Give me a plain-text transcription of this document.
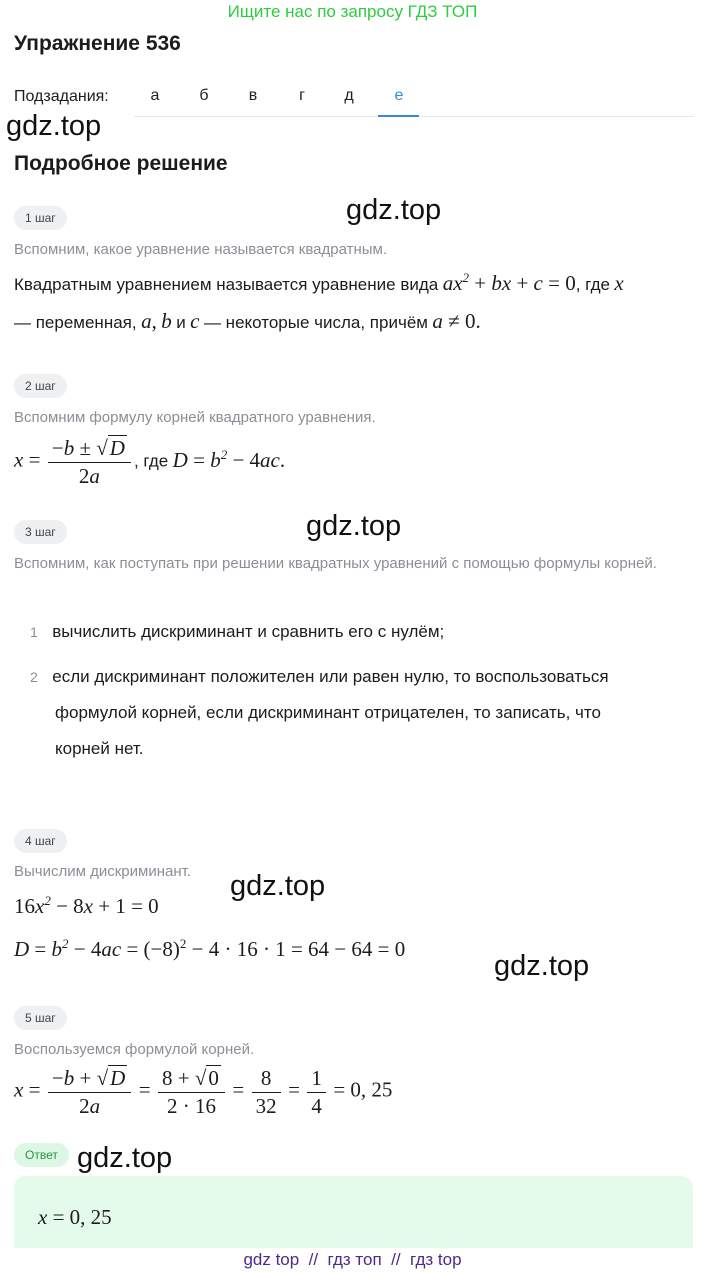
Ищите нас по запросу ГДЗ ТОП
Упражнение 536
Подзадания:	а	б	в	г	д	е
gdz.top
Подробное решение
1 шаг	gdz.top
Вспомним, какое уравнение называется квадратным.
Квадратным уравнением называется уравнение вида $ax^2$ + bx + c = 0, где x
— переменная, a, b и c — некоторые числа, причём a ≠ 0.
2 шаг
Вспомним формулу корней квадратного уравнения.
$x = \frac{-b \pm √D}{2a}$ , где $D = b^2 - 4ac$.
3 шаг	gdz.top
Вспомним, как поступать при решении квадратных уравнений с помощью формулы корней.
1 вычислить дискриминант и сравнить его с нулём;
2 если дискриминант положителен или равен нулю, то воспользоваться
формулой корней, если дискриминант отрицателен, то записать, что
корней нет.
4 шаг
Вычислим дискриминант. gdz.top
$16x^2 - 8x + 1 = 0$
$D = b^2 - 4ac = (-8)^2 - 4 \cdot 16 \cdot 1 = 64 - 64 = 0$
gdz.top
5 шаг
Воспользуемся формулой корней.
$x = \frac{-b + √D}{2a} = \frac{8 + √0}{2 \cdot 16} = \frac{8}{32} = \frac{1}{4} = 0$, 25
Ответ gdz.top
x = 0, 25
gdz top  //  гдз топ  //  гдз top
